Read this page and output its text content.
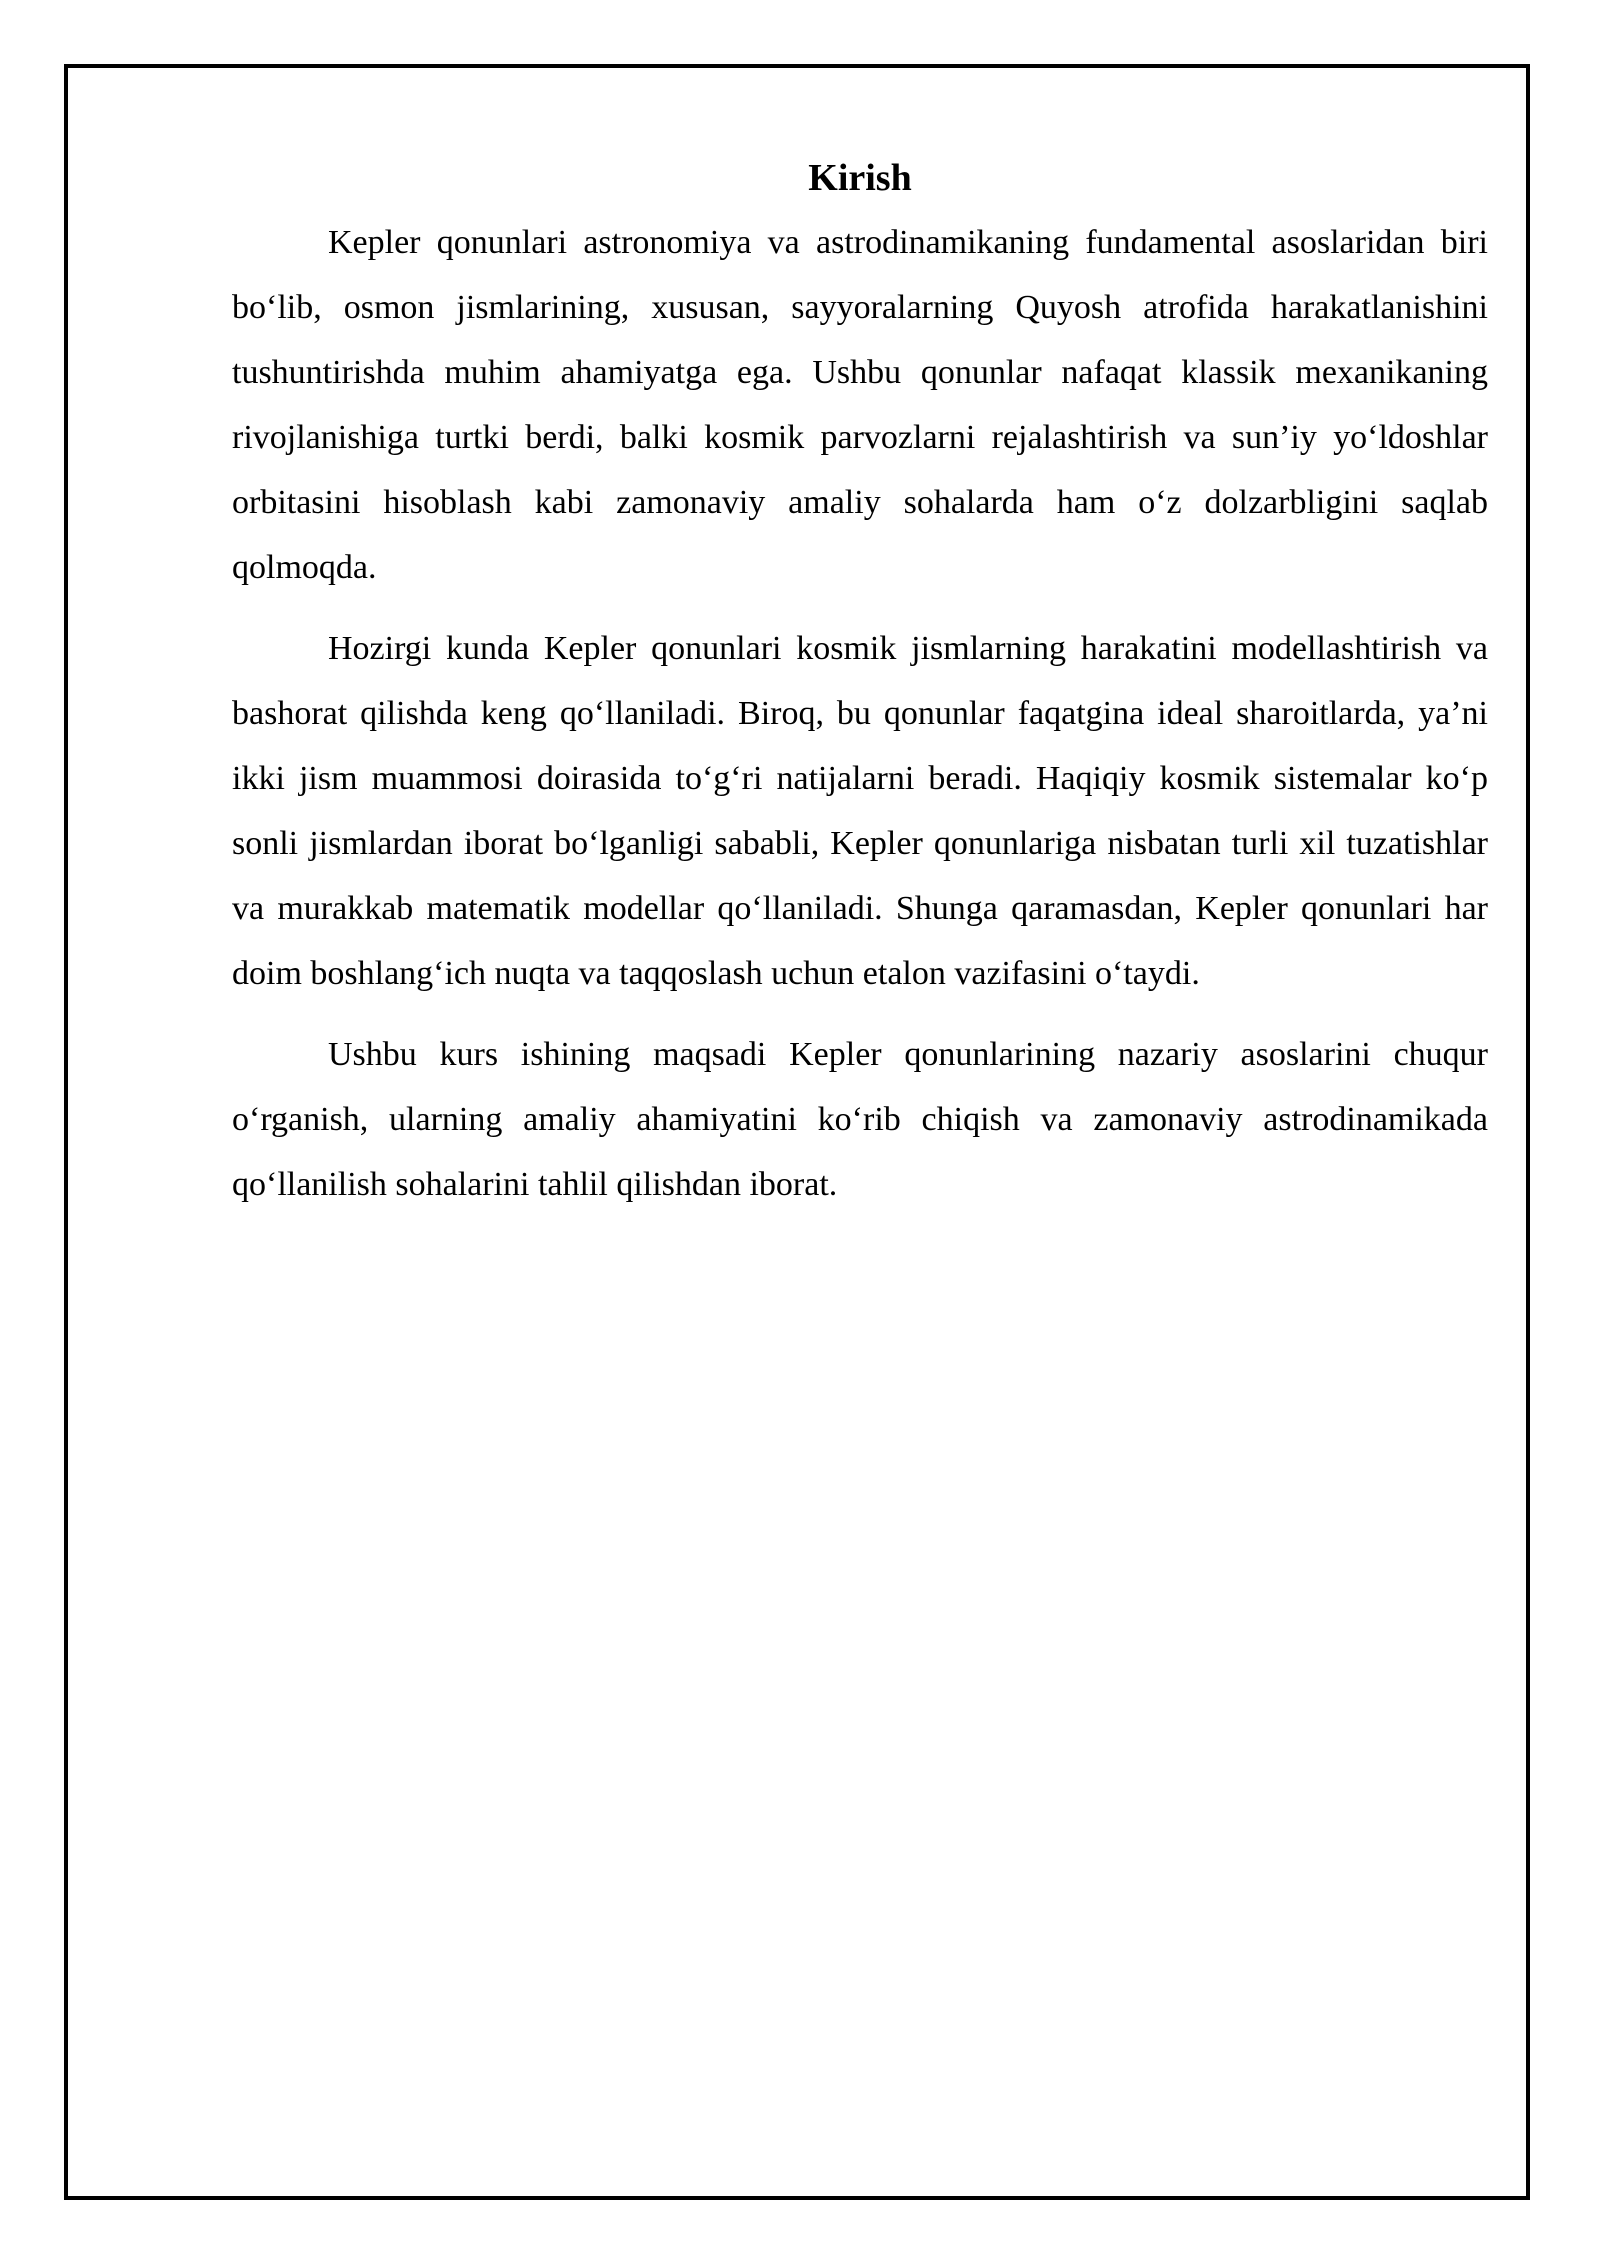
Kirish

Kepler qonunlari astronomiya va astrodinamikaning fundamental asoslaridan biri bo‘lib, osmon jismlarining, xususan, sayyoralarning Quyosh atrofida harakatlanishini tushuntirishda muhim ahamiyatga ega. Ushbu qonunlar nafaqat klassik mexanikaning rivojlanishiga turtki berdi, balki kosmik parvozlarni rejalashtirish va sun’iy yo‘ldoshlar orbitasini hisoblash kabi zamonaviy amaliy sohalarda ham o‘z dolzarbligini saqlab qolmoqda.

Hozirgi kunda Kepler qonunlari kosmik jismlarning harakatini modellashtirish va bashorat qilishda keng qo‘llaniladi. Biroq, bu qonunlar faqatgina ideal sharoitlarda, ya’ni ikki jism muammosi doirasida to‘g‘ri natijalarni beradi. Haqiqiy kosmik sistemalar ko‘p sonli jismlardan iborat bo‘lganligi sababli, Kepler qonunlariga nisbatan turli xil tuzatishlar va murakkab matematik modellar qo‘llaniladi. Shunga qaramasdan, Kepler qonunlari har doim boshlang‘ich nuqta va taqqoslash uchun etalon vazifasini o‘taydi.

Ushbu kurs ishining maqsadi Kepler qonunlarining nazariy asoslarini chuqur o‘rganish, ularning amaliy ahamiyatini ko‘rib chiqish va zamonaviy astrodinamikada qo‘llanilish sohalarini tahlil qilishdan iborat.
